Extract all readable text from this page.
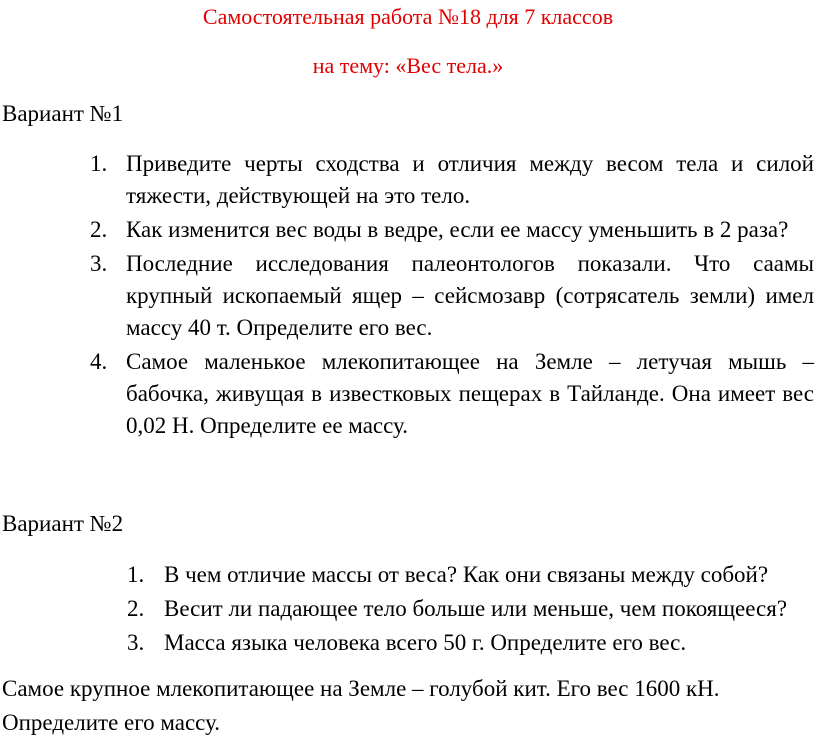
Самостоятельная работа №18 для 7 классов
на тему: «Вес тела.»
Вариант №1
1. Приведите черты сходства и отличия между весом тела и силой тяжести, действующей на это тело.
2. Как изменится вес воды в ведре, если ее массу уменьшить в 2 раза?
3. Последние исследования палеонтологов показали. Что саамы крупный ископаемый ящер – сейсмозавр (сотрясатель земли) имел массу 40 т. Определите его вес.
4. Самое маленькое млекопитающее на Земле – летучая мышь – бабочка, живущая в известковых пещерах в Тайланде. Она имеет вес 0,02 Н. Определите ее массу.
Вариант №2
1. В чем отличие массы от веса? Как они связаны между собой?
2. Весит ли падающее тело больше или меньше, чем покоящееся?
3. Масса языка человека всего 50 г. Определите его вес.
Самое крупное млекопитающее на Земле – голубой кит. Его вес 1600 кН. Определите его массу.
